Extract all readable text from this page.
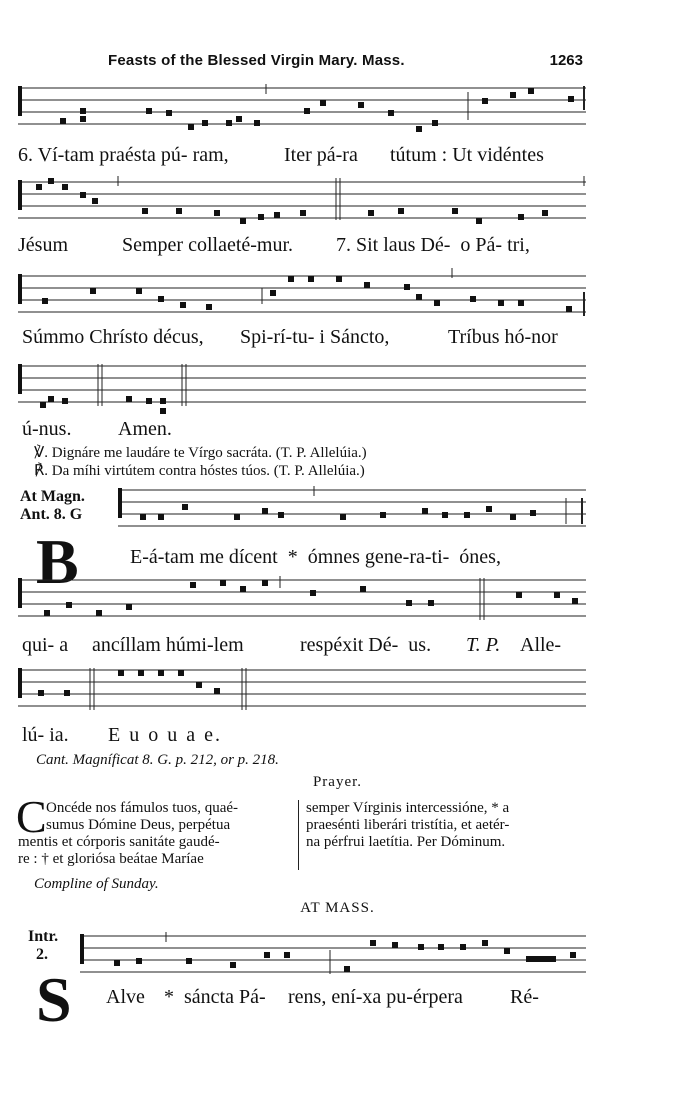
Feasts of the Blessed Virgin Mary. Mass.	1263

6. Ví-tam praésta pú- ram,

	Iter pá-ra

tútum : Ut vidéntes

Jésum

	Semper collaeté-mur.

7. Sit laus Dé-  o Pá- tri,

Súmmo Chrísto décus,

Spi-rí-tu- i Sáncto,

	Tríbus hó-nor

ú-nus.

Amen.

℣. Dignáre me laudáre te Vírgo sacráta. (T. P. Allelúia.)
℟. Da míhi virtútem contra hóstes túos. (T. P. Allelúia.)
At Magn.
Ant. 8. G
B	E-á-tam me dícent  *  ómnes gene-ra-ti-  ónes,

qui- a

ancíllam húmi-lem

	respéxit Dé-  us.

T. P.

Alle-

lú- ia.

E u o u a e.

Cant. Magníficat 8. G. p. 212, or p. 218.
Prayer.
C Oncéde nos fámulos tuos, quaé-
sumus Dómine Deus, perpétua
mentis et córporis sanitáte gaudé-
re : † et gloriósa beátae Maríae
semper Vírginis intercessióne, * a
praesénti liberári tristítia, et aetér-
na pérfrui laetítia. Per Dóminum.
Compline of Sunday.
AT MASS.
Intr.
2.
S

Alve

*  sáncta Pá-

rens, ení-xa pu-érpera

Ré-
